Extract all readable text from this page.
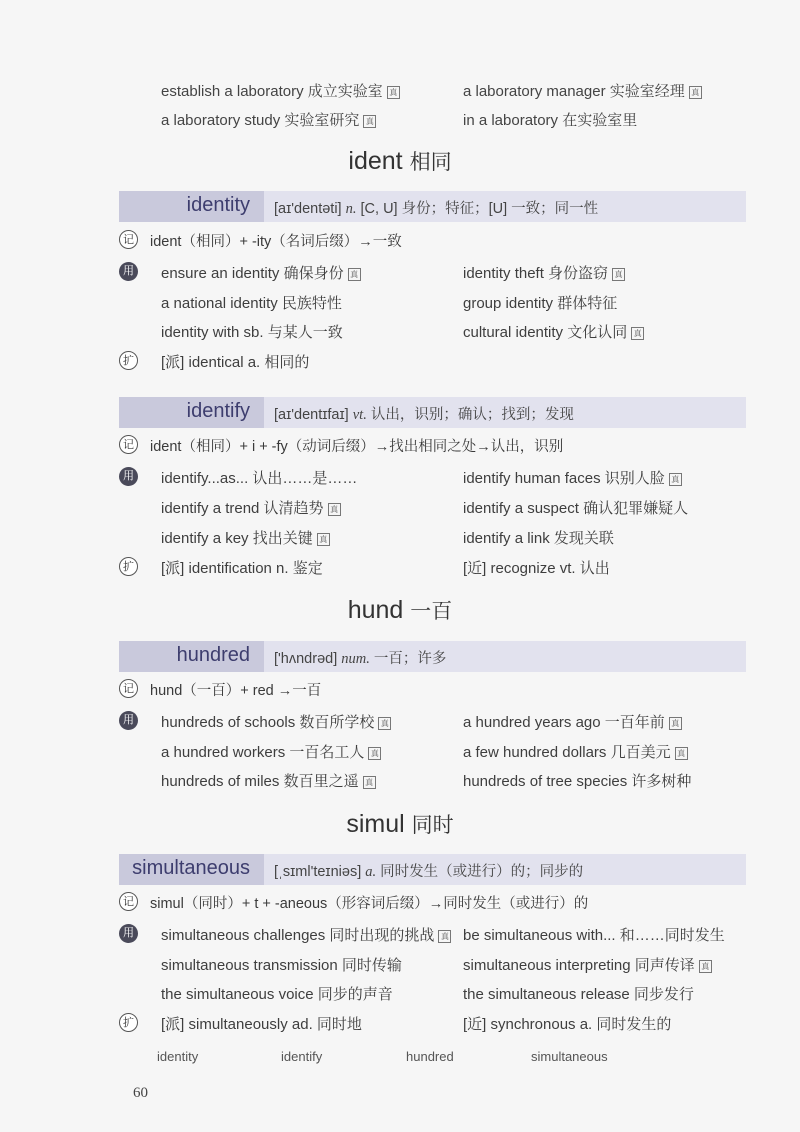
establish a laboratory 成立实验室 真	a laboratory manager 实验室经理 真
a laboratory study 实验室研究 真	in a laboratory 在实验室里
ident 相同
identity [aɪ'dentəti] n. [C, U] 身份；特征；[U] 一致；同一性
记 ident（相同）+ -ity（名词后缀）→一致
用 ensure an identity 确保身份 真	identity theft 身份盗窃 真
a national identity 民族特性	group identity 群体特征
identity with sb. 与某人一致	cultural identity 文化认同 真
扩 [派] identical a. 相同的
identify [aɪ'dentɪfaɪ] vt. 认出，识别；确认；找到；发现
记 ident（相同）+ i + -fy（动词后缀）→找出相同之处→认出，识别
用 identify...as... 认出……是……	identify human faces 识别人脸 真
identify a trend 认清趋势 真	identify a suspect 确认犯罪嫌疑人
identify a key 找出关键 真	identify a link 发现关联
扩 [派] identification n. 鉴定	[近] recognize vt. 认出
hund 一百
hundred ['hʌndrəd] num. 一百；许多
记 hund（一百）+ red →一百
用 hundreds of schools 数百所学校 真	a hundred years ago 一百年前 真
a hundred workers 一百名工人 真	a few hundred dollars 几百美元 真
hundreds of miles 数百里之遥 真	hundreds of tree species 许多树种
simul 同时
simultaneous [ˌsɪml'teɪniəs] a. 同时发生（或进行）的；同步的
记 simul（同时）+ t + -aneous（形容词后缀）→同时发生（或进行）的
用 simultaneous challenges 同时出现的挑战 真 be simultaneous with... 和……同时发生
simultaneous transmission 同时传输	simultaneous interpreting 同声传译 真
the simultaneous voice 同步的声音	the simultaneous release 同步发行
扩 [派] simultaneously ad. 同时地	[近] synchronous a. 同时发生的
identity	identify	hundred	simultaneous
60
